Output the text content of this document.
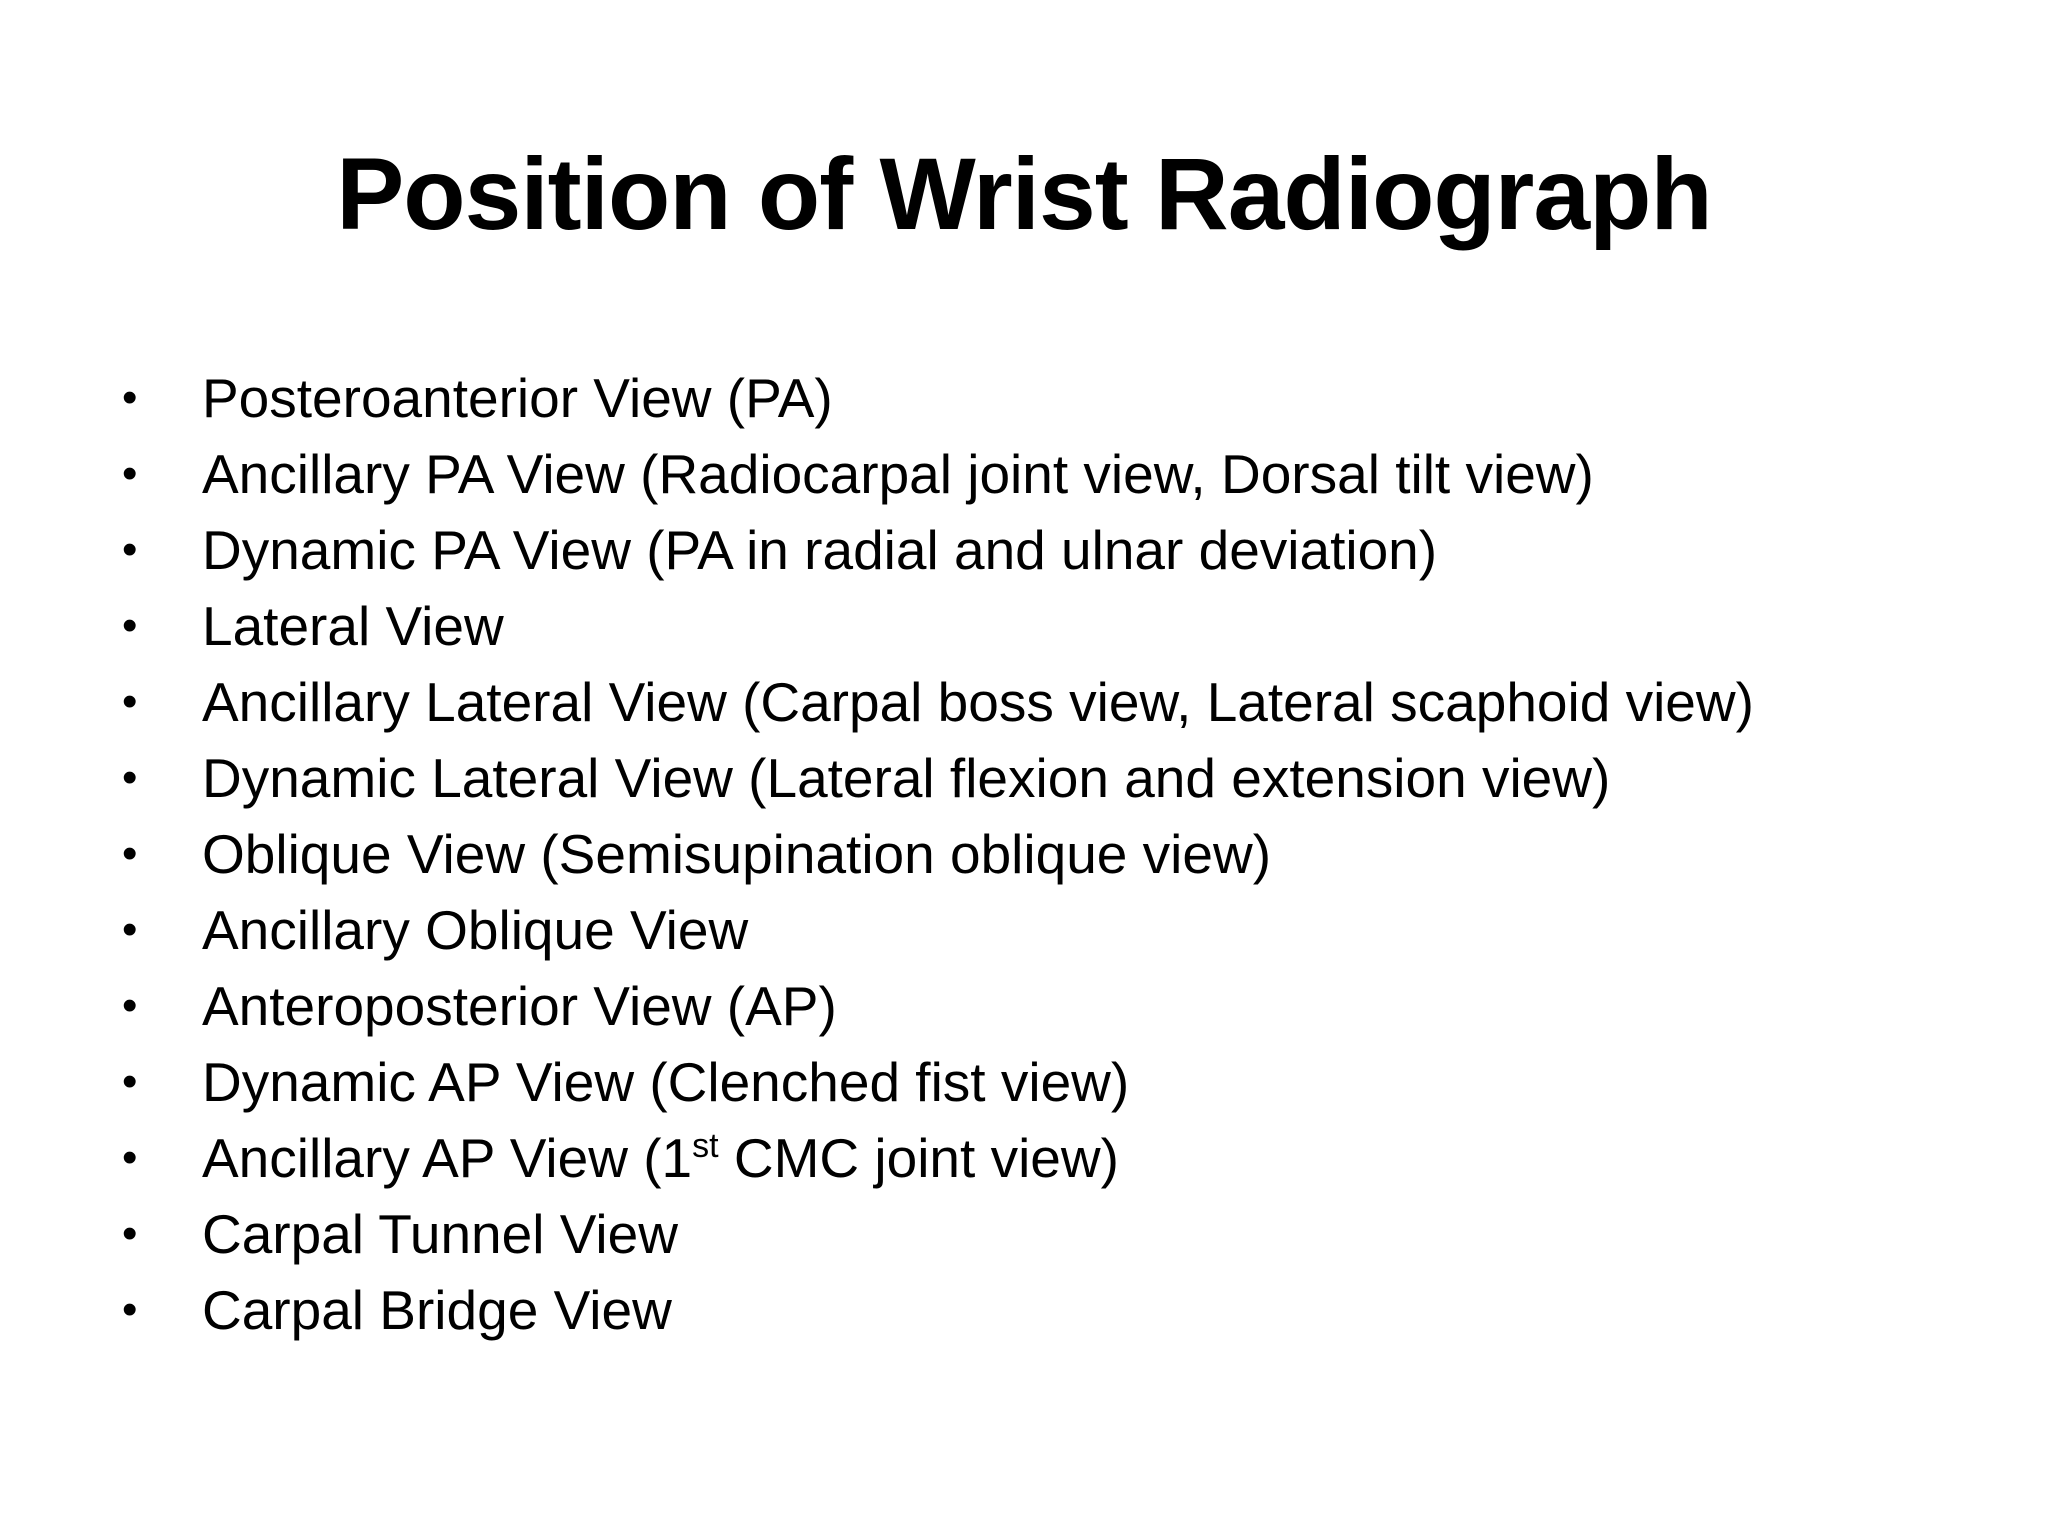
Position of Wrist Radiograph
• Posteroanterior View (PA)
• Ancillary PA View (Radiocarpal joint view, Dorsal tilt view)
• Dynamic PA View (PA in radial and ulnar deviation)
• Lateral View
• Ancillary Lateral View (Carpal boss view, Lateral scaphoid view)
• Dynamic Lateral View (Lateral flexion and extension view)
• Oblique View (Semisupination oblique view)
• Ancillary Oblique View
• Anteroposterior View (AP)
• Dynamic AP View (Clenched fist view)
• Ancillary AP View (1st CMC joint view)
• Carpal Tunnel View
• Carpal Bridge View
